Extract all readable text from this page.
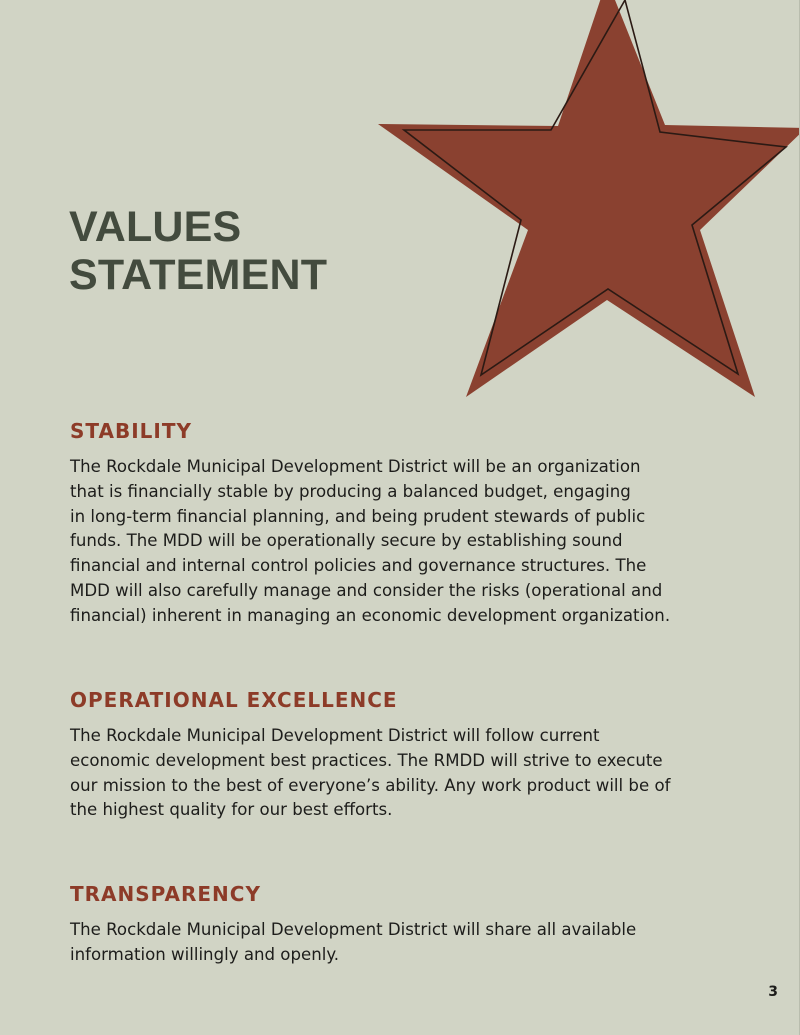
VALUES
STATEMENT
STABILITY

The Rockdale Municipal Development District will be an organization
that is financially stable by producing a balanced budget, engaging
in long-term financial planning, and being prudent stewards of public
funds. The MDD will be operationally secure by establishing sound
financial and internal control policies and governance structures. The
MDD will also carefully manage and consider the risks (operational and
financial) inherent in managing an economic development organization.

OPERATIONAL EXCELLENCE

The Rockdale Municipal Development District will follow current
economic development best practices. The RMDD will strive to execute
our mission to the best of everyone’s ability. Any work product will be of
the highest quality for our best efforts.

TRANSPARENCY

The Rockdale Municipal Development District will share all available
information willingly and openly.

3
